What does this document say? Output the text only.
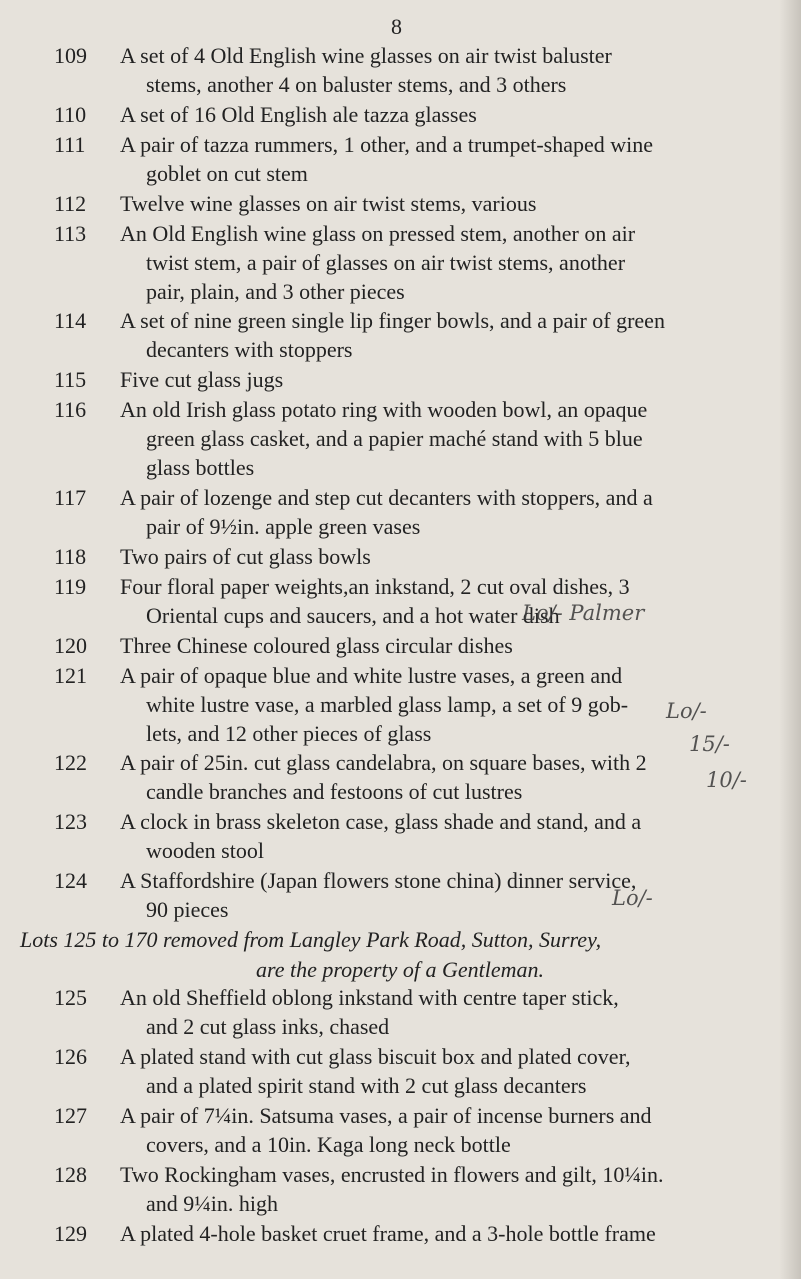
8
109	A set of 4 Old English wine glasses on air twist baluster
stems, another 4 on baluster stems, and 3 others
110	A set of 16 Old English ale tazza glasses
111	A pair of tazza rummers, 1 other, and a trumpet-shaped wine
goblet on cut stem
112	Twelve wine glasses on air twist stems, various
113	An Old English wine glass on pressed stem, another on air
twist stem, a pair of glasses on air twist stems, another
pair, plain, and 3 other pieces
114	A set of nine green single lip finger bowls, and a pair of green
decanters with stoppers
115	Five cut glass jugs
116	An old Irish glass potato ring with wooden bowl, an opaque
green glass casket, and a papier maché stand with 5 blue
glass bottles
117	A pair of lozenge and step cut decanters with stoppers, and a
pair of 9½in. apple green vases
118	Two pairs of cut glass bowls
119	Four floral paper weights,an inkstand, 2 cut oval dishes, 3
Oriental cups and saucers, and a hot water dish
120	Three Chinese coloured glass circular dishes
121	A pair of opaque blue and white lustre vases, a green and
white lustre vase, a marbled glass lamp, a set of 9 gob-
lets, and 12 other pieces of glass
122	A pair of 25in. cut glass candelabra, on square bases, with 2
candle branches and festoons of cut lustres
123	A clock in brass skeleton case, glass shade and stand, and a
wooden stool
124	A Staffordshire (Japan flowers stone china) dinner service,
90 pieces
Lots 125 to 170 removed from Langley Park Road, Sutton, Surrey,
are the property of a Gentleman.
125	An old Sheffield oblong inkstand with centre taper stick,
and 2 cut glass inks, chased
126	A plated stand with cut glass biscuit box and plated cover,
and a plated spirit stand with 2 cut glass decanters
127	A pair of 7¼in. Satsuma vases, a pair of incense burners and
covers, and a 10in. Kaga long neck bottle
128	Two Rockingham vases, encrusted in flowers and gilt, 10¼in.
and 9¼in. high
129	A plated 4-hole basket cruet frame, and a 3-hole bottle frame
Lo/- Palmer
Lo/-
15/-
10/-
Lo/-
